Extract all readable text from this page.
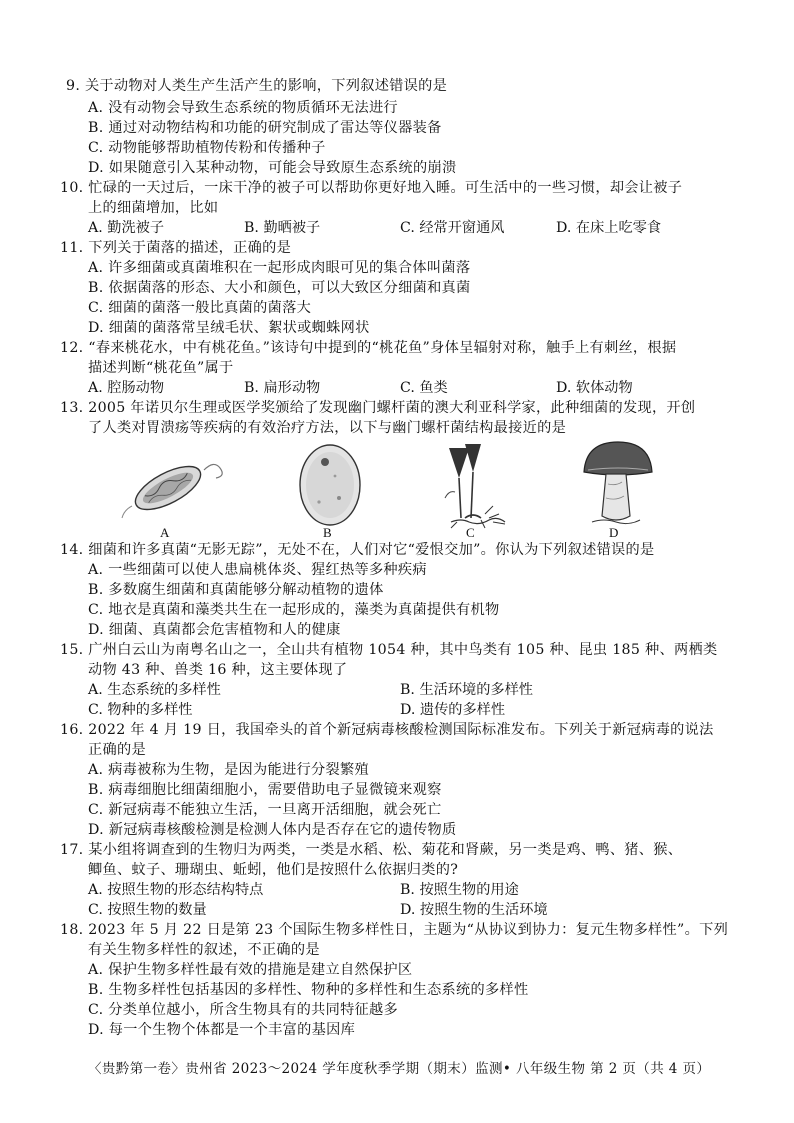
9. 关于动物对人类生产生活产生的影响，下列叙述错误的是
A. 没有动物会导致生态系统的物质循环无法进行
B. 通过对动物结构和功能的研究制成了雷达等仪器装备
C. 动物能够帮助植物传粉和传播种子
D. 如果随意引入某种动物，可能会导致原生态系统的崩溃
10. 忙碌的一天过后，一床干净的被子可以帮助你更好地入睡。可生活中的一些习惯，却会让被子
上的细菌增加，比如
A. 勤洗被子	B. 勤晒被子	C. 经常开窗通风	D. 在床上吃零食
11. 下列关于菌落的描述，正确的是
A. 许多细菌或真菌堆积在一起形成肉眼可见的集合体叫菌落
B. 依据菌落的形态、大小和颜色，可以大致区分细菌和真菌
C. 细菌的菌落一般比真菌的菌落大
D. 细菌的菌落常呈绒毛状、絮状或蜘蛛网状
12. “春来桃花水，中有桃花鱼。”该诗句中提到的“桃花鱼”身体呈辐射对称，触手上有刺丝，根据
描述判断“桃花鱼”属于
A. 腔肠动物	B. 扁形动物	C. 鱼类	D. 软体动物
13. 2005 年诺贝尔生理或医学奖颁给了发现幽门螺杆菌的澳大利亚科学家，此种细菌的发现，开创
了人类对胃溃疡等疾病的有效治疗方法，以下与幽门螺杆菌结构最接近的是
A	B	C	D
14. 细菌和许多真菌“无影无踪”，无处不在，人们对它“爱恨交加”。你认为下列叙述错误的是
A. 一些细菌可以使人患扁桃体炎、猩红热等多种疾病
B. 多数腐生细菌和真菌能够分解动植物的遗体
C. 地衣是真菌和藻类共生在一起形成的，藻类为真菌提供有机物
D. 细菌、真菌都会危害植物和人的健康
15. 广州白云山为南粤名山之一，全山共有植物 1054 种，其中鸟类有 105 种、昆虫 185 种、两栖类
动物 43 种、兽类 16 种，这主要体现了
A. 生态系统的多样性	B. 生活环境的多样性
C. 物种的多样性	D. 遗传的多样性
16. 2022 年 4 月 19 日，我国牵头的首个新冠病毒核酸检测国际标准发布。下列关于新冠病毒的说法
正确的是
A. 病毒被称为生物，是因为能进行分裂繁殖
B. 病毒细胞比细菌细胞小，需要借助电子显微镜来观察
C. 新冠病毒不能独立生活，一旦离开活细胞，就会死亡
D. 新冠病毒核酸检测是检测人体内是否存在它的遗传物质
17. 某小组将调查到的生物归为两类，一类是水稻、松、菊花和肾蕨，另一类是鸡、鸭、猪、猴、
鲫鱼、蚊子、珊瑚虫、蚯蚓，他们是按照什么依据归类的?
A. 按照生物的形态结构特点	B. 按照生物的用途
C. 按照生物的数量	D. 按照生物的生活环境
18. 2023 年 5 月 22 日是第 23 个国际生物多样性日，主题为“从协议到协力：复元生物多样性”。下列
有关生物多样性的叙述，不正确的是
A. 保护生物多样性最有效的措施是建立自然保护区
B. 生物多样性包括基因的多样性、物种的多样性和生态系统的多样性
C. 分类单位越小，所含生物具有的共同特征越多
D. 每一个生物个体都是一个丰富的基因库
〈贵黔第一卷〉贵州省 2023～2024 学年度秋季学期（期末）监测• 八年级生物 第 2 页（共 4 页）
